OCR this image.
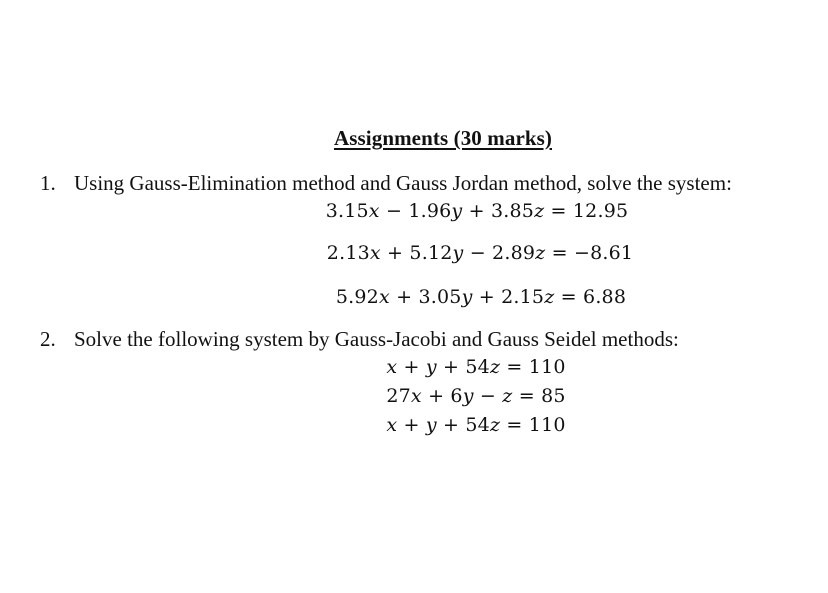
Assignments (30 marks)
1. Using Gauss-Elimination method and Gauss Jordan method, solve the system:
3.15𝑥 − 1.96𝑦 + 3.85𝑧 = 12.95
2.13𝑥 + 5.12𝑦 − 2.89𝑧 = −8.61
5.92𝑥 + 3.05𝑦 + 2.15𝑧 = 6.88
2. Solve the following system by Gauss-Jacobi and Gauss Seidel methods:
𝑥 + 𝑦 + 54𝑧 = 110
27𝑥 + 6𝑦 − 𝑧 = 85
𝑥 + 𝑦 + 54𝑧 = 110
